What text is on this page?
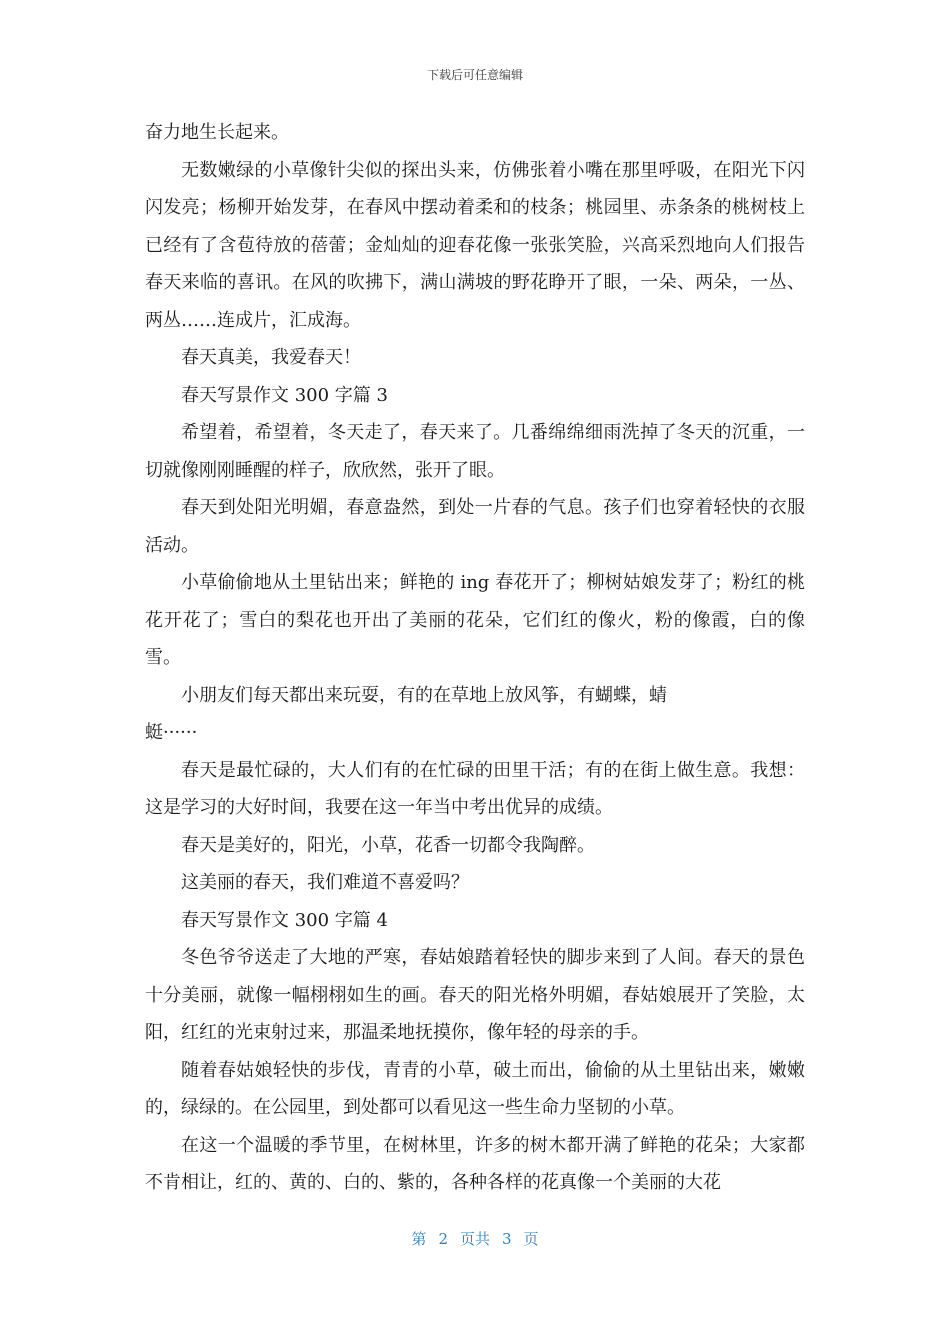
下载后可任意编辑

奋力地生长起来。

无数嫩绿的小草像针尖似的探出头来，仿佛张着小嘴在那里呼吸，在阳光下闪闪发亮；杨柳开始发芽，在春风中摆动着柔和的枝条；桃园里、赤条条的桃树枝上已经有了含苞待放的蓓蕾；金灿灿的迎春花像一张张笑脸，兴高采烈地向人们报告春天来临的喜讯。在风的吹拂下，满山满坡的野花睁开了眼，一朵、两朵，一丛、两丛……连成片，汇成海。

春天真美，我爱春天！

春天写景作文 300 字篇 3

希望着，希望着，冬天走了，春天来了。几番绵绵细雨洗掉了冬天的沉重，一切就像刚刚睡醒的样子，欣欣然，张开了眼。

春天到处阳光明媚，春意盎然，到处一片春的气息。孩子们也穿着轻快的衣服活动。

小草偷偷地从土里钻出来；鲜艳的 ing 春花开了；柳树姑娘发芽了；粉红的桃花开花了；雪白的梨花也开出了美丽的花朵，它们红的像火，粉的像霞，白的像雪。

小朋友们每天都出来玩耍，有的在草地上放风筝，有蝴蝶，蜻

蜓······

春天是最忙碌的，大人们有的在忙碌的田里干活；有的在街上做生意。我想：这是学习的大好时间，我要在这一年当中考出优异的成绩。

春天是美好的，阳光，小草，花香一切都令我陶醉。

这美丽的春天，我们难道不喜爱吗？

春天写景作文 300 字篇 4

冬色爷爷送走了大地的严寒，春姑娘踏着轻快的脚步来到了人间。春天的景色十分美丽，就像一幅栩栩如生的画。春天的阳光格外明媚，春姑娘展开了笑脸，太阳，红红的光束射过来，那温柔地抚摸你，像年轻的母亲的手。

随着春姑娘轻快的步伐，青青的小草，破土而出，偷偷的从土里钻出来，嫩嫩的，绿绿的。在公园里，到处都可以看见这一些生命力坚韧的小草。

在这一个温暖的季节里，在树林里，许多的树木都开满了鲜艳的花朵；大家都不肯相让，红的、黄的、白的、紫的，各种各样的花真像一个美丽的大花

第 2 页共 3 页
